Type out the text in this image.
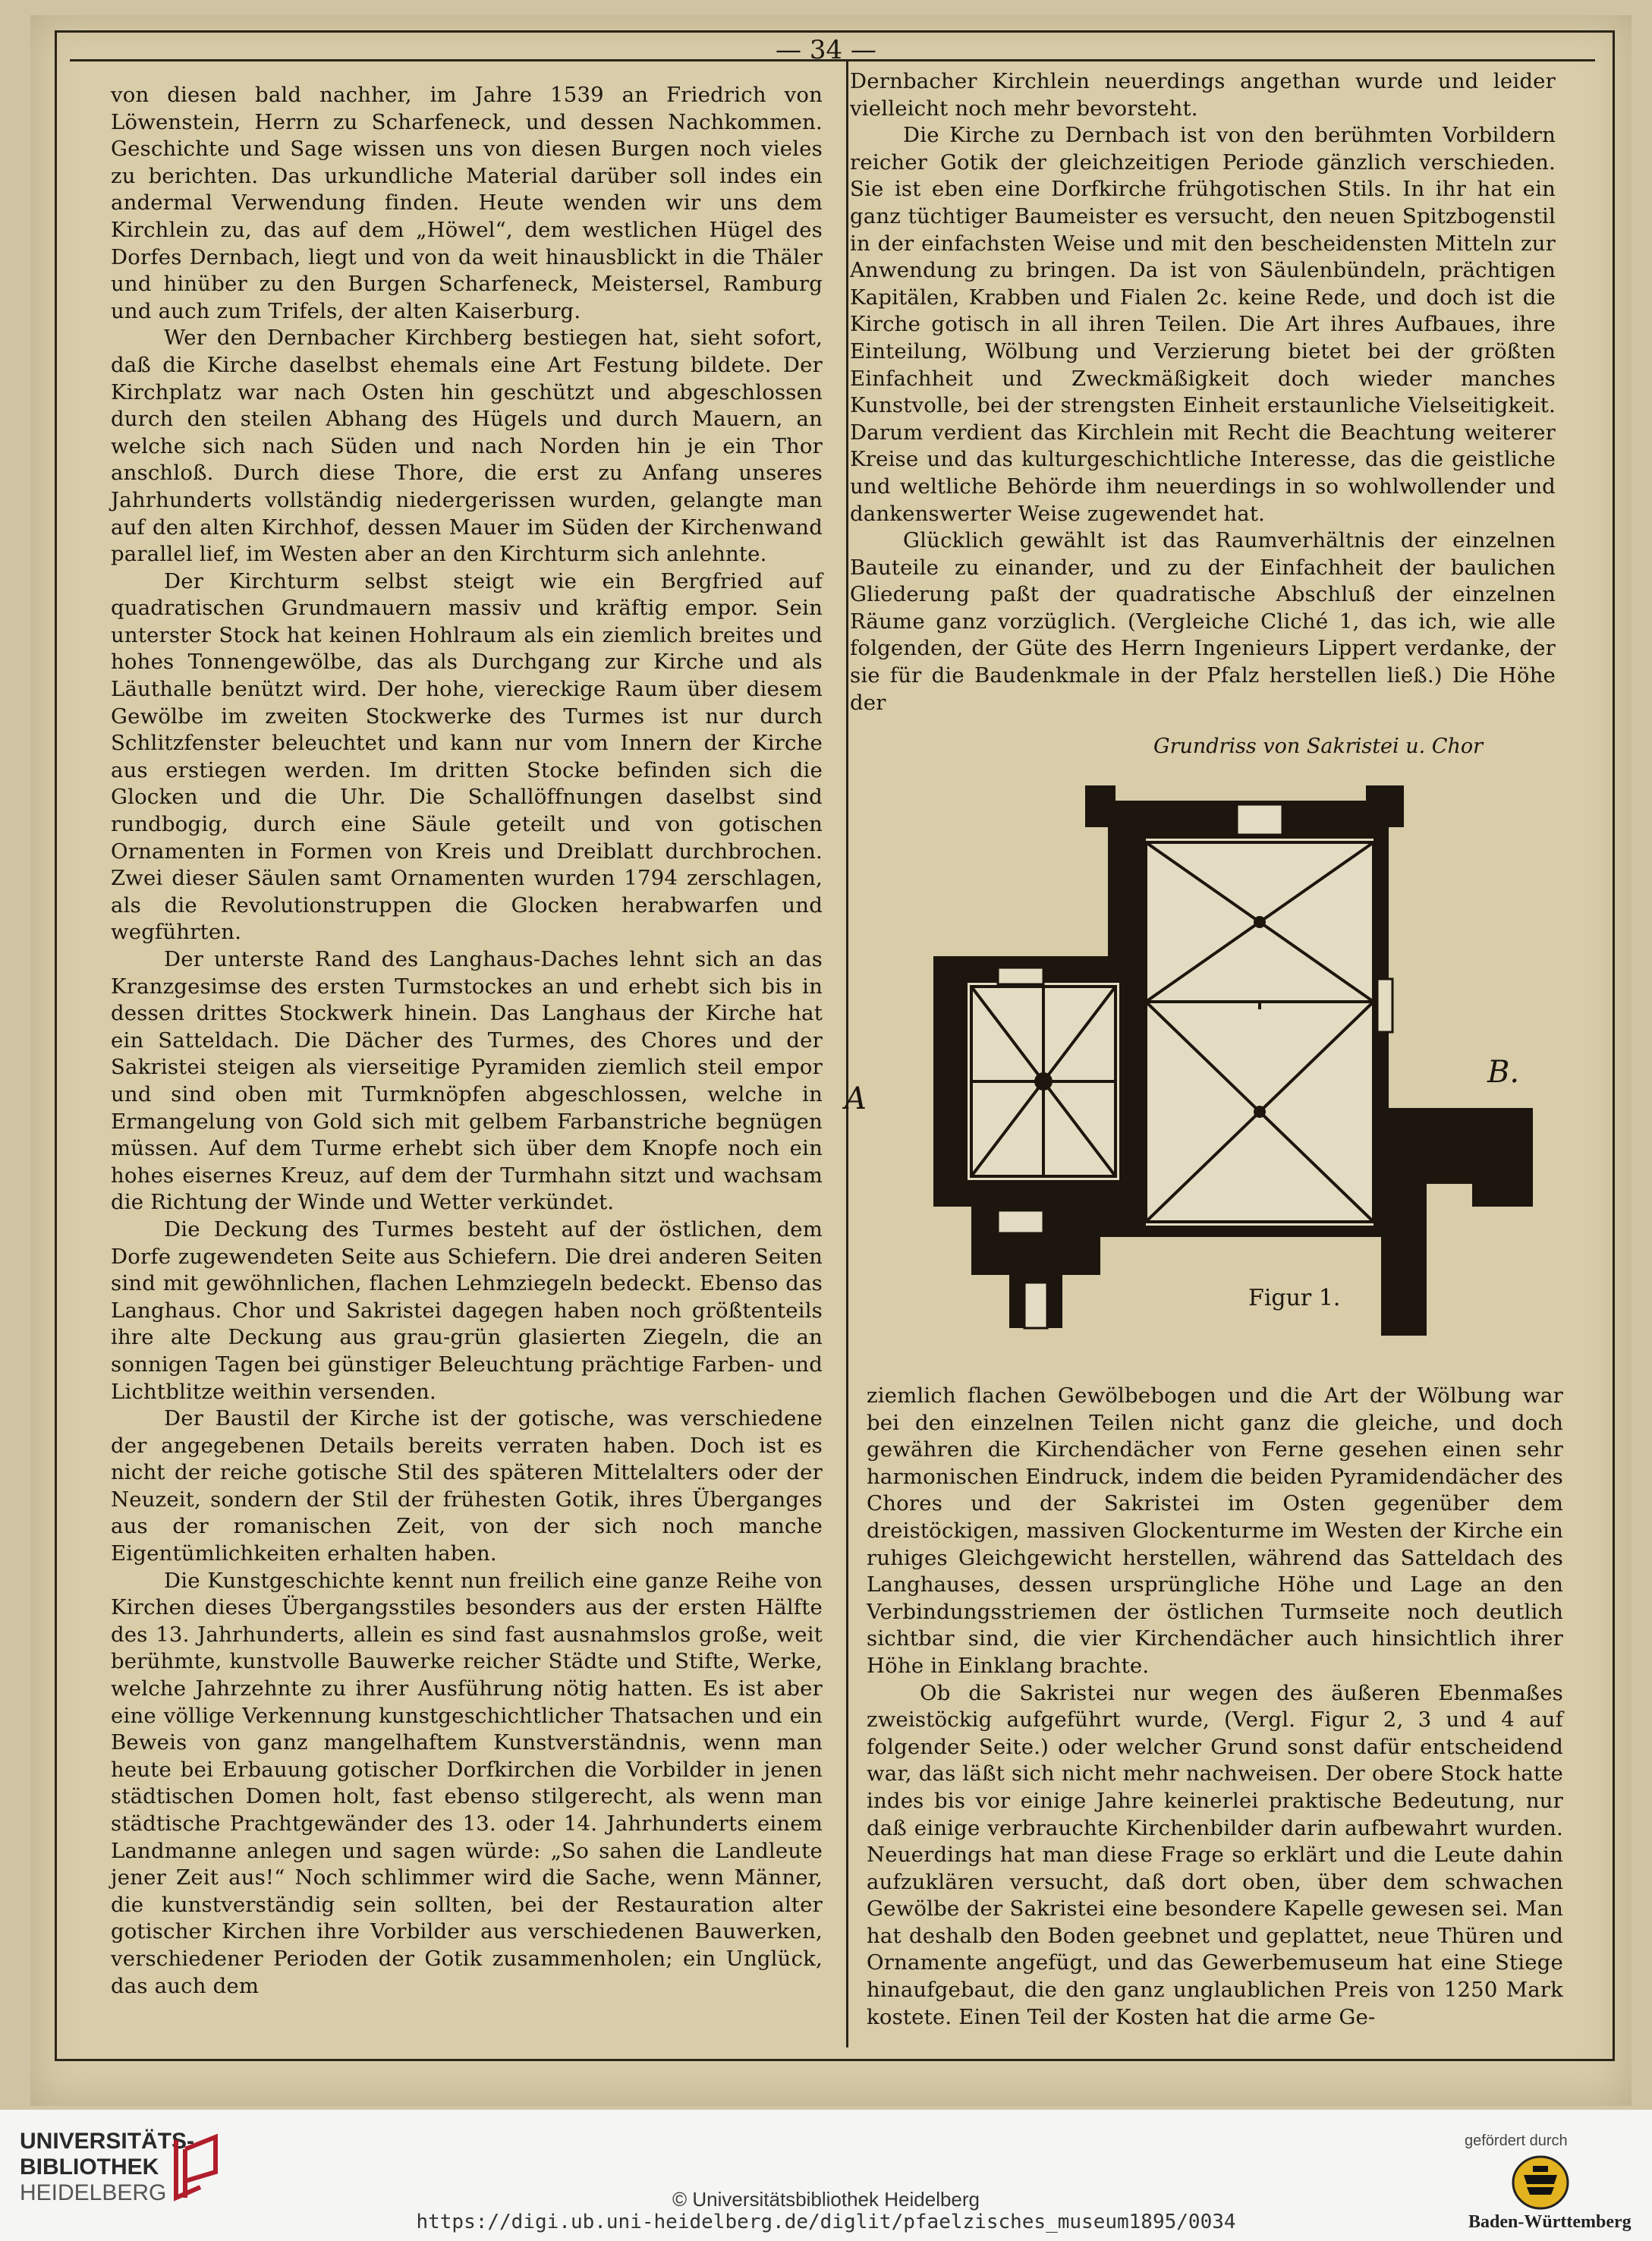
— 34 —

von diesen bald nachher, im Jahre 1539 an Friedrich von Löwenstein, Herrn zu Scharfeneck, und dessen Nachkommen. Geschichte und Sage wissen uns von diesen Burgen noch vieles zu berichten. Das urkundliche Material darüber soll indes ein andermal Verwendung finden. Heute wenden wir uns dem Kirchlein zu, das auf dem „Höwel“, dem westlichen Hügel des Dorfes Dernbach, liegt und von da weit hinausblickt in die Thäler und hinüber zu den Burgen Scharfeneck, Meistersel, Ramburg und auch zum Trifels, der alten Kaiserburg.

Wer den Dernbacher Kirchberg bestiegen hat, sieht sofort, daß die Kirche daselbst ehemals eine Art Festung bildete. Der Kirchplatz war nach Osten hin geschützt und abgeschlossen durch den steilen Abhang des Hügels und durch Mauern, an welche sich nach Süden und nach Norden hin je ein Thor anschloß. Durch diese Thore, die erst zu Anfang unseres Jahrhunderts vollständig niedergerissen wurden, gelangte man auf den alten Kirchhof, dessen Mauer im Süden der Kirchenwand parallel lief, im Westen aber an den Kirchturm sich anlehnte.

Der Kirchturm selbst steigt wie ein Bergfried auf quadratischen Grundmauern massiv und kräftig empor. Sein unterster Stock hat keinen Hohlraum als ein ziemlich breites und hohes Tonnengewölbe, das als Durchgang zur Kirche und als Läuthalle benützt wird. Der hohe, viereckige Raum über diesem Gewölbe im zweiten Stockwerke des Turmes ist nur durch Schlitzfenster beleuchtet und kann nur vom Innern der Kirche aus erstiegen werden. Im dritten Stocke befinden sich die Glocken und die Uhr. Die Schallöffnungen daselbst sind rundbogig, durch eine Säule geteilt und von gotischen Ornamenten in Formen von Kreis und Dreiblatt durchbrochen. Zwei dieser Säulen samt Ornamenten wurden 1794 zerschlagen, als die Revolutionstruppen die Glocken herabwarfen und wegführten.

Der unterste Rand des Langhaus-Daches lehnt sich an das Kranzgesimse des ersten Turmstockes an und erhebt sich bis in dessen drittes Stockwerk hinein. Das Langhaus der Kirche hat ein Satteldach. Die Dächer des Turmes, des Chores und der Sakristei steigen als vierseitige Pyramiden ziemlich steil empor und sind oben mit Turmknöpfen abgeschlossen, welche in Ermangelung von Gold sich mit gelbem Farbanstriche begnügen müssen. Auf dem Turme erhebt sich über dem Knopfe noch ein hohes eisernes Kreuz, auf dem der Turmhahn sitzt und wachsam die Richtung der Winde und Wetter verkündet.

Die Deckung des Turmes besteht auf der östlichen, dem Dorfe zugewendeten Seite aus Schiefern. Die drei anderen Seiten sind mit gewöhnlichen, flachen Lehmziegeln bedeckt. Ebenso das Langhaus. Chor und Sakristei dagegen haben noch größtenteils ihre alte Deckung aus grau-grün glasierten Ziegeln, die an sonnigen Tagen bei günstiger Beleuchtung prächtige Farben- und Lichtblitze weithin versenden.

Der Baustil der Kirche ist der gotische, was verschiedene der angegebenen Details bereits verraten haben. Doch ist es nicht der reiche gotische Stil des späteren Mittelalters oder der Neuzeit, sondern der Stil der frühesten Gotik, ihres Überganges aus der romanischen Zeit, von der sich noch manche Eigentümlichkeiten erhalten haben.

Die Kunstgeschichte kennt nun freilich eine ganze Reihe von Kirchen dieses Übergangsstiles besonders aus der ersten Hälfte des 13. Jahrhunderts, allein es sind fast ausnahmslos große, weit berühmte, kunstvolle Bauwerke reicher Städte und Stifte, Werke, welche Jahrzehnte zu ihrer Ausführung nötig hatten. Es ist aber eine völlige Verkennung kunstgeschichtlicher Thatsachen und ein Beweis von ganz mangelhaftem Kunstverständnis, wenn man heute bei Erbauung gotischer Dorfkirchen die Vorbilder in jenen städtischen Domen holt, fast ebenso stilgerecht, als wenn man städtische Prachtgewänder des 13. oder 14. Jahrhunderts einem Landmanne anlegen und sagen würde: „So sahen die Landleute jener Zeit aus!“ Noch schlimmer wird die Sache, wenn Männer, die kunstverständig sein sollten, bei der Restauration alter gotischer Kirchen ihre Vorbilder aus verschiedenen Bauwerken, verschiedener Perioden der Gotik zusammenholen; ein Unglück, das auch dem

Dernbacher Kirchlein neuerdings angethan wurde und leider vielleicht noch mehr bevorsteht.

Die Kirche zu Dernbach ist von den berühmten Vorbildern reicher Gotik der gleichzeitigen Periode gänzlich verschieden. Sie ist eben eine Dorfkirche frühgotischen Stils. In ihr hat ein ganz tüchtiger Baumeister es versucht, den neuen Spitzbogenstil in der einfachsten Weise und mit den bescheidensten Mitteln zur Anwendung zu bringen. Da ist von Säulenbündeln, prächtigen Kapitälen, Krabben und Fialen 2c. keine Rede, und doch ist die Kirche gotisch in all ihren Teilen. Die Art ihres Aufbaues, ihre Einteilung, Wölbung und Verzierung bietet bei der größten Einfachheit und Zweckmäßigkeit doch wieder manches Kunstvolle, bei der strengsten Einheit erstaunliche Vielseitigkeit. Darum verdient das Kirchlein mit Recht die Beachtung weiterer Kreise und das kulturgeschichtliche Interesse, das die geistliche und weltliche Behörde ihm neuerdings in so wohlwollender und dankenswerter Weise zugewendet hat.

Glücklich gewählt ist das Raumverhältnis der einzelnen Bauteile zu einander, und zu der Einfachheit der baulichen Gliederung paßt der quadratische Abschluß der einzelnen Räume ganz vorzüglich. (Vergleiche Cliché 1, das ich, wie alle folgenden, der Güte des Herrn Ingenieurs Lippert verdanke, der sie für die Baudenkmale in der Pfalz herstellen ließ.) Die Höhe der

Grundriss von Sakristei u. Chor
A
B.
Figur 1.

ziemlich flachen Gewölbebogen und die Art der Wölbung war bei den einzelnen Teilen nicht ganz die gleiche, und doch gewähren die Kirchendächer von Ferne gesehen einen sehr harmonischen Eindruck, indem die beiden Pyramidendächer des Chores und der Sakristei im Osten gegenüber dem dreistöckigen, massiven Glockenturme im Westen der Kirche ein ruhiges Gleichgewicht herstellen, während das Satteldach des Langhauses, dessen ursprüngliche Höhe und Lage an den Verbindungsstriemen der östlichen Turmseite noch deutlich sichtbar sind, die vier Kirchendächer auch hinsichtlich ihrer Höhe in Einklang brachte.

Ob die Sakristei nur wegen des äußeren Ebenmaßes zweistöckig aufgeführt wurde, (Vergl. Figur 2, 3 und 4 auf folgender Seite.) oder welcher Grund sonst dafür entscheidend war, das läßt sich nicht mehr nachweisen. Der obere Stock hatte indes bis vor einige Jahre keinerlei praktische Bedeutung, nur daß einige verbrauchte Kirchenbilder darin aufbewahrt wurden. Neuerdings hat man diese Frage so erklärt und die Leute dahin aufzuklären versucht, daß dort oben, über dem schwachen Gewölbe der Sakristei eine besondere Kapelle gewesen sei. Man hat deshalb den Boden geebnet und geplattet, neue Thüren und Ornamente angefügt, und das Gewerbemuseum hat eine Stiege hinaufgebaut, die den ganz unglaublichen Preis von 1250 Mark kostete. Einen Teil der Kosten hat die arme Ge-

UNIVERSITÄTS-
BIBLIOTHEK
HEIDELBERG	© Universitätsbibliothek Heidelberg
https://digi.ub.uni-heidelberg.de/diglit/pfaelzisches_museum1895/0034
gefördert durch
Baden-Württemberg
